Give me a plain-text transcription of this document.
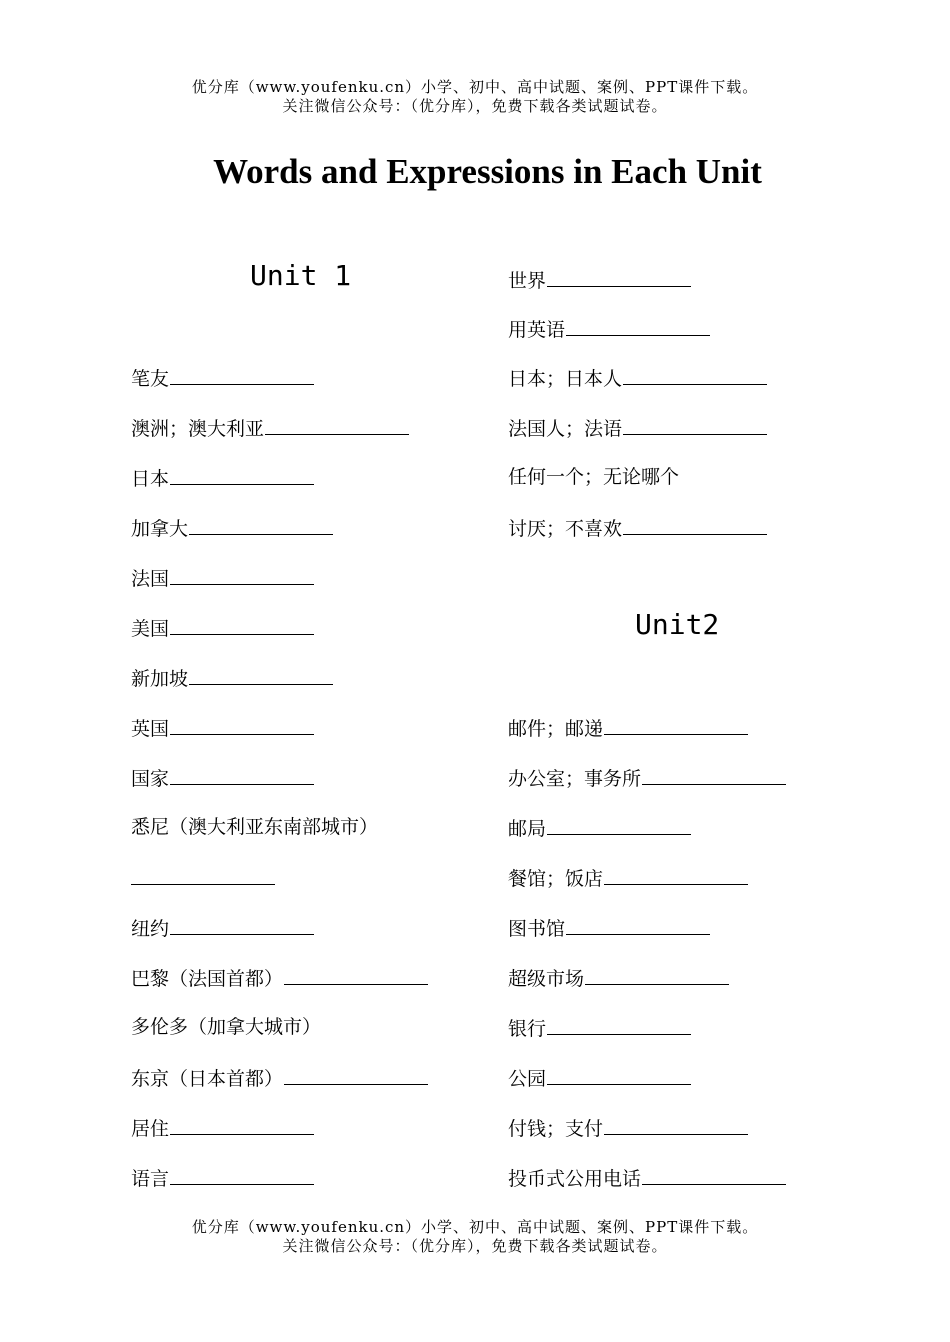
优分库（www.youfenku.cn）小学、初中、高中试题、案例、PPT课件下载。
关注微信公众号：（优分库），免费下载各类试题试卷。
Words and Expressions in Each Unit
Unit 1
笔友
澳洲；澳大利亚
日本
加拿大
法国
美国
新加坡
英国
国家
悉尼（澳大利亚东南部城市）
纽约
巴黎（法国首都）
多伦多（加拿大城市）
东京（日本首都）
居住
语言
世界
用英语
日本；日本人
法国人；法语
任何一个；无论哪个
讨厌；不喜欢
Unit2
邮件；邮递
办公室；事务所
邮局
餐馆；饭店
图书馆
超级市场
银行
公园
付钱；支付
投币式公用电话
优分库（www.youfenku.cn）小学、初中、高中试题、案例、PPT课件下载。
关注微信公众号：（优分库），免费下载各类试题试卷。
